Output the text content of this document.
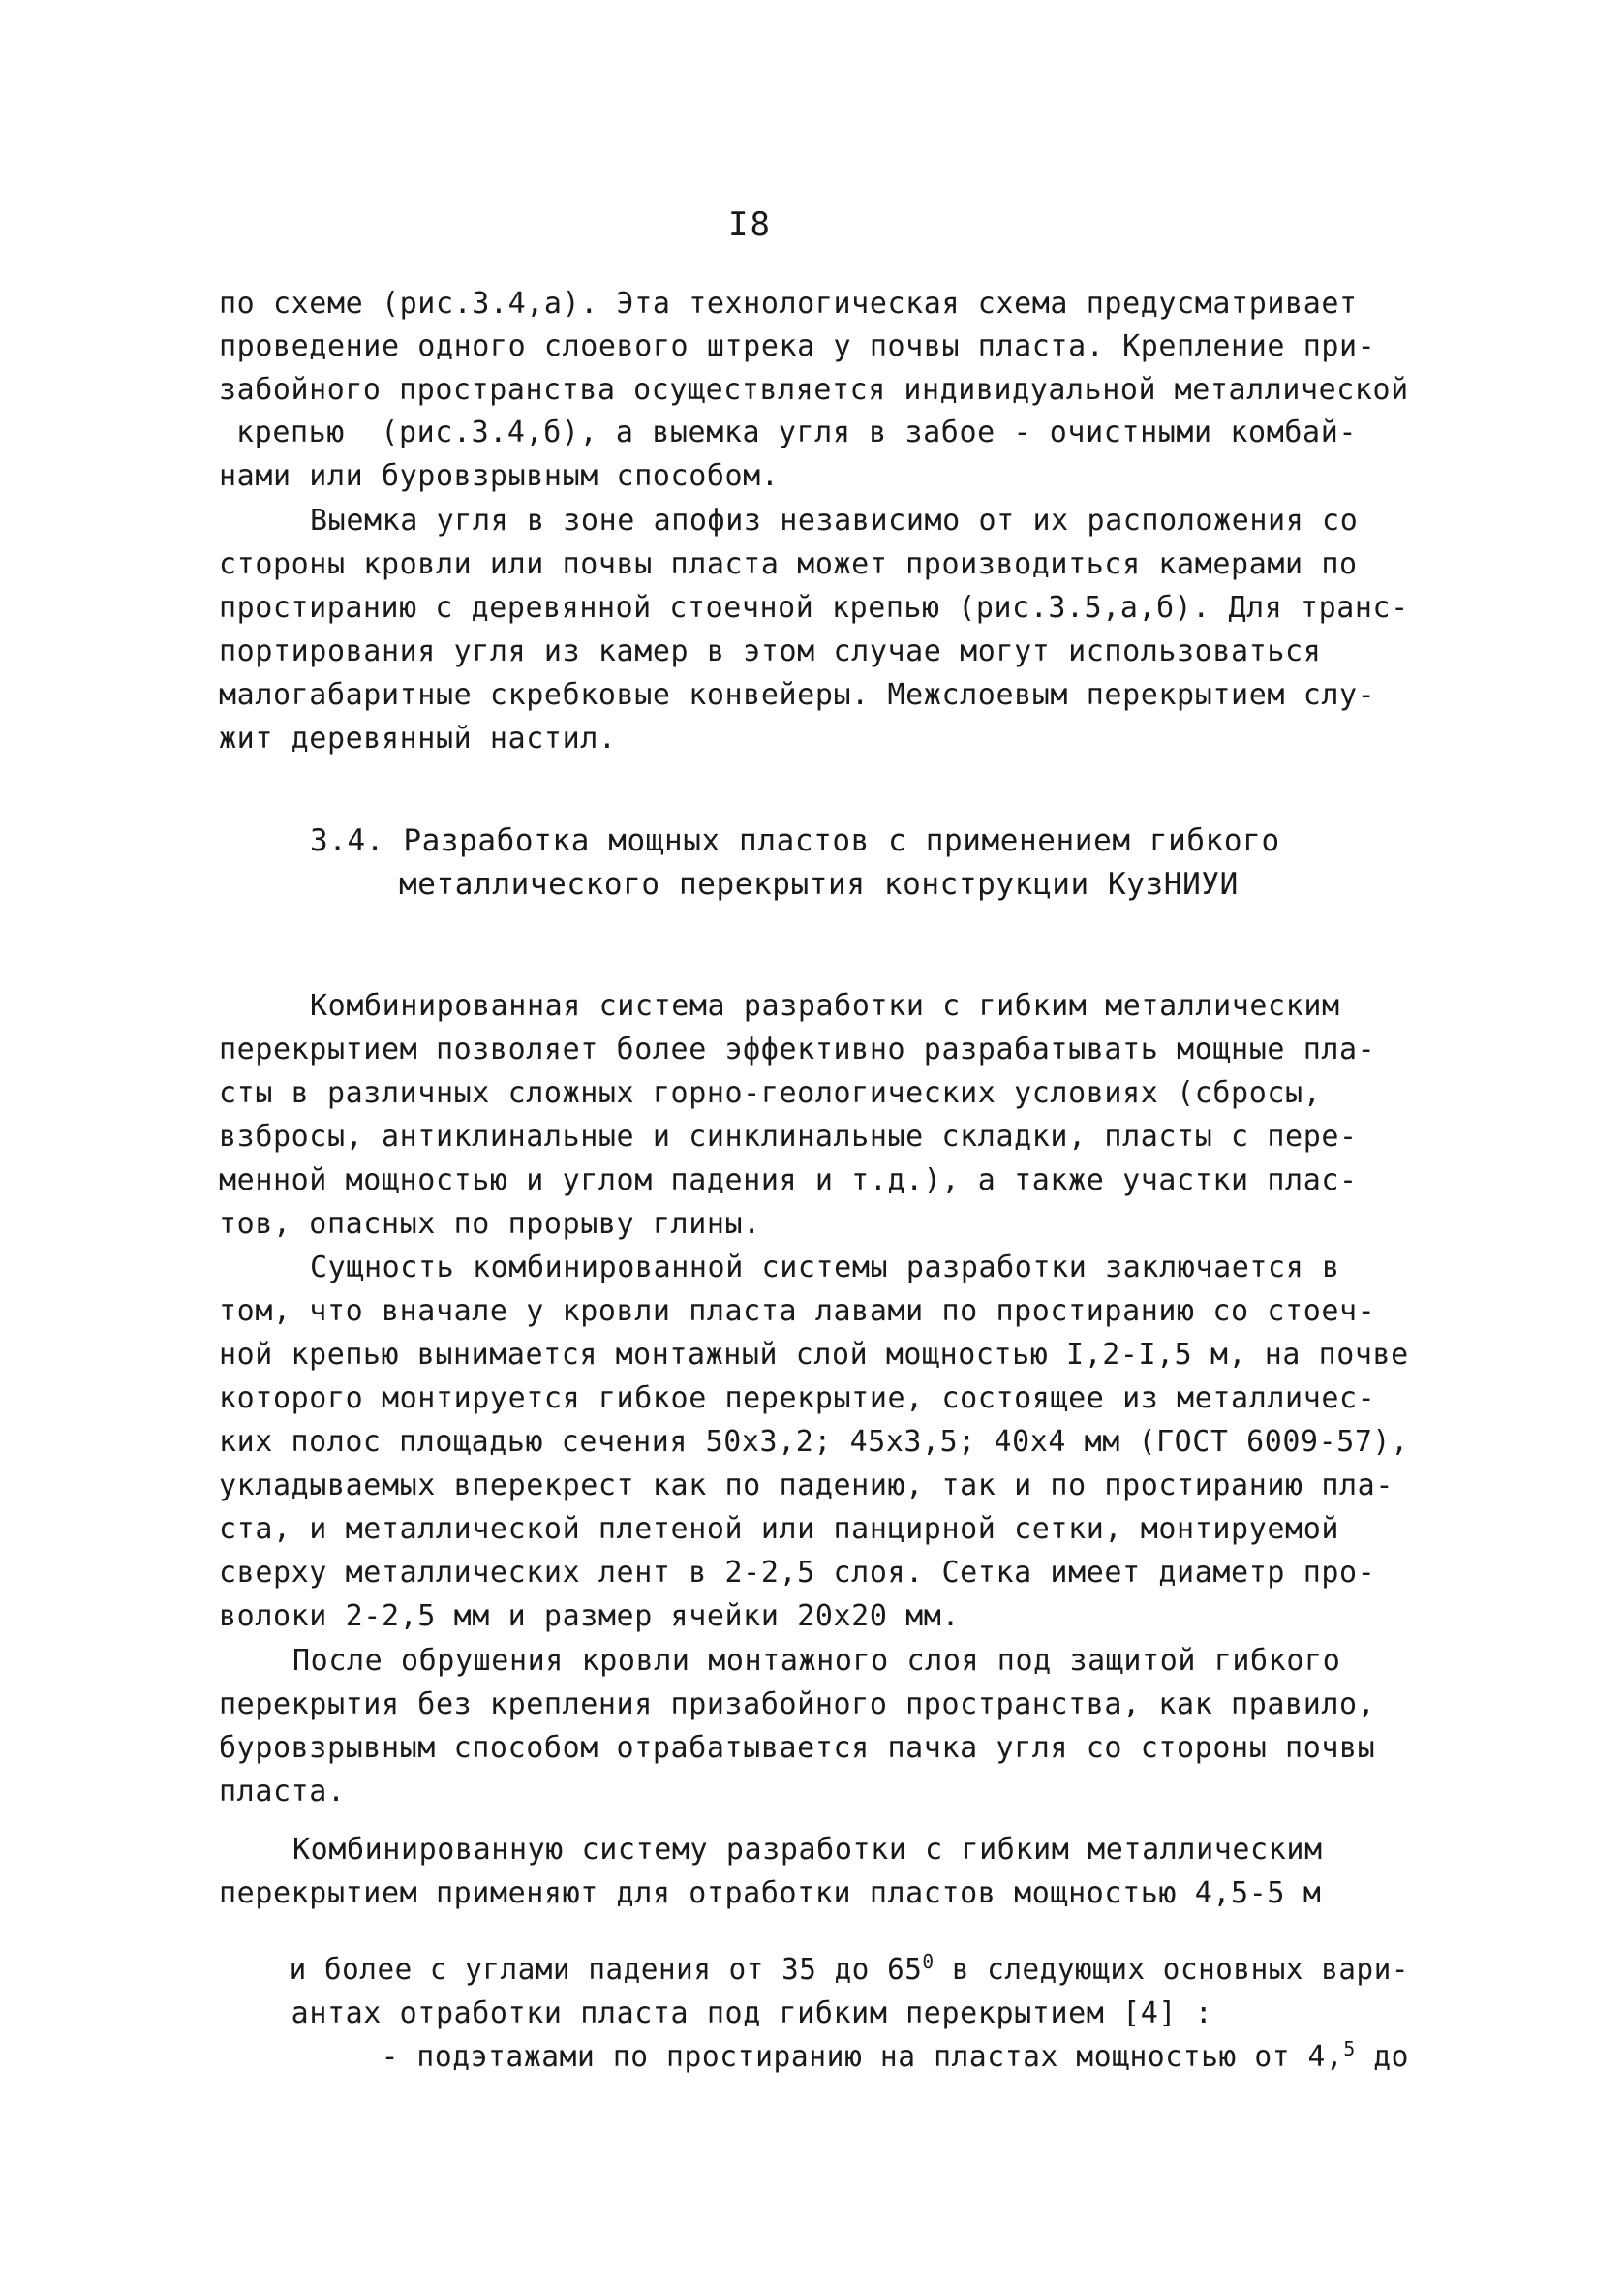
I8
по схеме (рис.3.4,а). Эта технологическая схема предусматривает
проведение одного слоевого штрека у почвы пласта. Крепление при-
забойного пространства осуществляется индивидуальной металлической
крепью  (рис.3.4,б), а выемка угля в забое - очистными комбай-
нами или буровзрывным способом.
Выемка угля в зоне апофиз независимо от их расположения со
стороны кровли или почвы пласта может производиться камерами по
простиранию с деревянной стоечной крепью (рис.3.5,а,б). Для транс-
портирования угля из камер в этом случае могут использоваться
малогабаритные скребковые конвейеры. Межслоевым перекрытием слу-
жит деревянный настил.
3.4. Разработка мощных пластов с применением гибкого
металлического перекрытия конструкции КузНИУИ
Комбинированная система разработки с гибким металлическим
перекрытием позволяет более эффективно разрабатывать мощные пла-
сты в различных сложных горно-геологических условиях (сбросы,
взбросы, антиклинальные и синклинальные складки, пласты с пере-
менной мощностью и углом падения и т.д.), а также участки плас-
тов, опасных по прорыву глины.
Сущность комбинированной системы разработки заключается в
том, что вначале у кровли пласта лавами по простиранию со стоеч-
ной крепью вынимается монтажный слой мощностью I,2-I,5 м, на почве
которого монтируется гибкое перекрытие, состоящее из металличес-
ких полос площадью сечения 50х3,2; 45х3,5; 40х4 мм (ГОСТ 6009-57),
укладываемых вперекрест как по падению, так и по простиранию пла-
ста, и металлической плетеной или панцирной сетки, монтируемой
сверху металлических лент в 2-2,5 слоя. Сетка имеет диаметр про-
волоки 2-2,5 мм и размер ячейки 20х20 мм.
После обрушения кровли монтажного слоя под защитой гибкого
перекрытия без крепления призабойного пространства, как правило,
буровзрывным способом отрабатывается пачка угля со стороны почвы
пласта.
Комбинированную систему разработки с гибким металлическим
перекрытием применяют для отработки пластов мощностью 4,5-5 м

и более с углами падения от 35 до $65^0$ в следующих основных вари-

антах отработки пласта под гибким перекрытием [4] :

- подэтажами по простиранию на пластах мощностью от 4,$^5$ до
